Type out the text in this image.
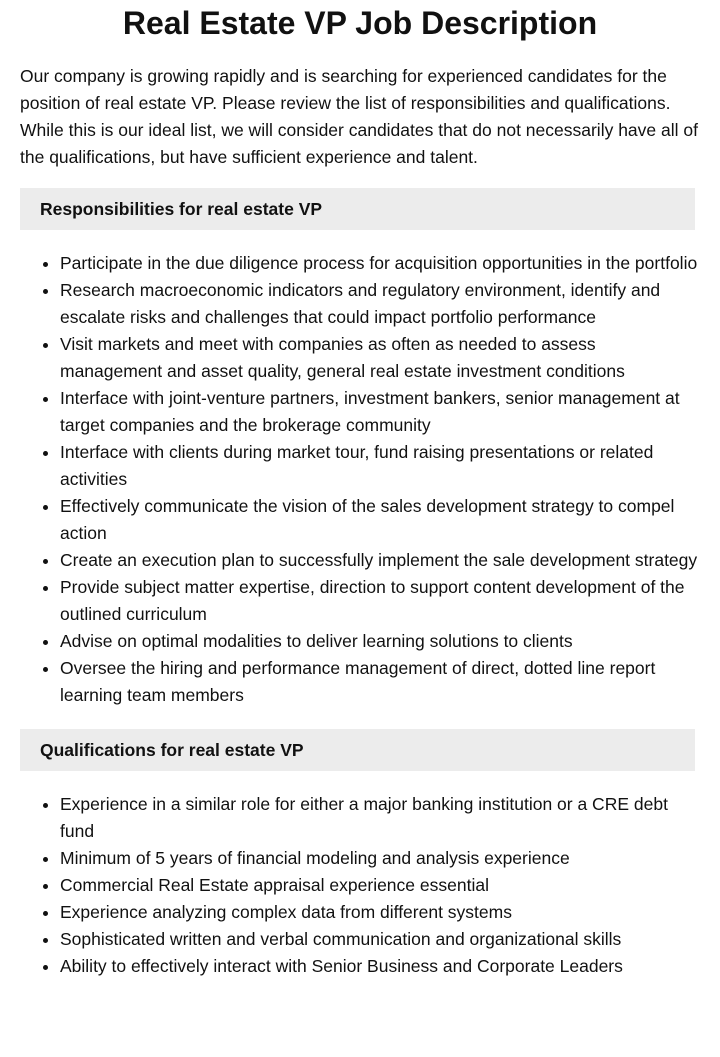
Real Estate VP Job Description

Our company is growing rapidly and is searching for experienced candidates for the position of real estate VP. Please review the list of responsibilities and qualifications. While this is our ideal list, we will consider candidates that do not necessarily have all of the qualifications, but have sufficient experience and talent.

Responsibilities for real estate VP
• Participate in the due diligence process for acquisition opportunities in the portfolio
• Research macroeconomic indicators and regulatory environment, identify and escalate risks and challenges that could impact portfolio performance
• Visit markets and meet with companies as often as needed to assess management and asset quality, general real estate investment conditions
• Interface with joint-venture partners, investment bankers, senior management at target companies and the brokerage community
• Interface with clients during market tour, fund raising presentations or related activities
• Effectively communicate the vision of the sales development strategy to compel action
• Create an execution plan to successfully implement the sale development strategy
• Provide subject matter expertise, direction to support content development of the outlined curriculum
• Advise on optimal modalities to deliver learning solutions to clients
• Oversee the hiring and performance management of direct, dotted line report learning team members
Qualifications for real estate VP
• Experience in a similar role for either a major banking institution or a CRE debt fund
• Minimum of 5 years of financial modeling and analysis experience
• Commercial Real Estate appraisal experience essential
• Experience analyzing complex data from different systems
• Sophisticated written and verbal communication and organizational skills
• Ability to effectively interact with Senior Business and Corporate Leaders
